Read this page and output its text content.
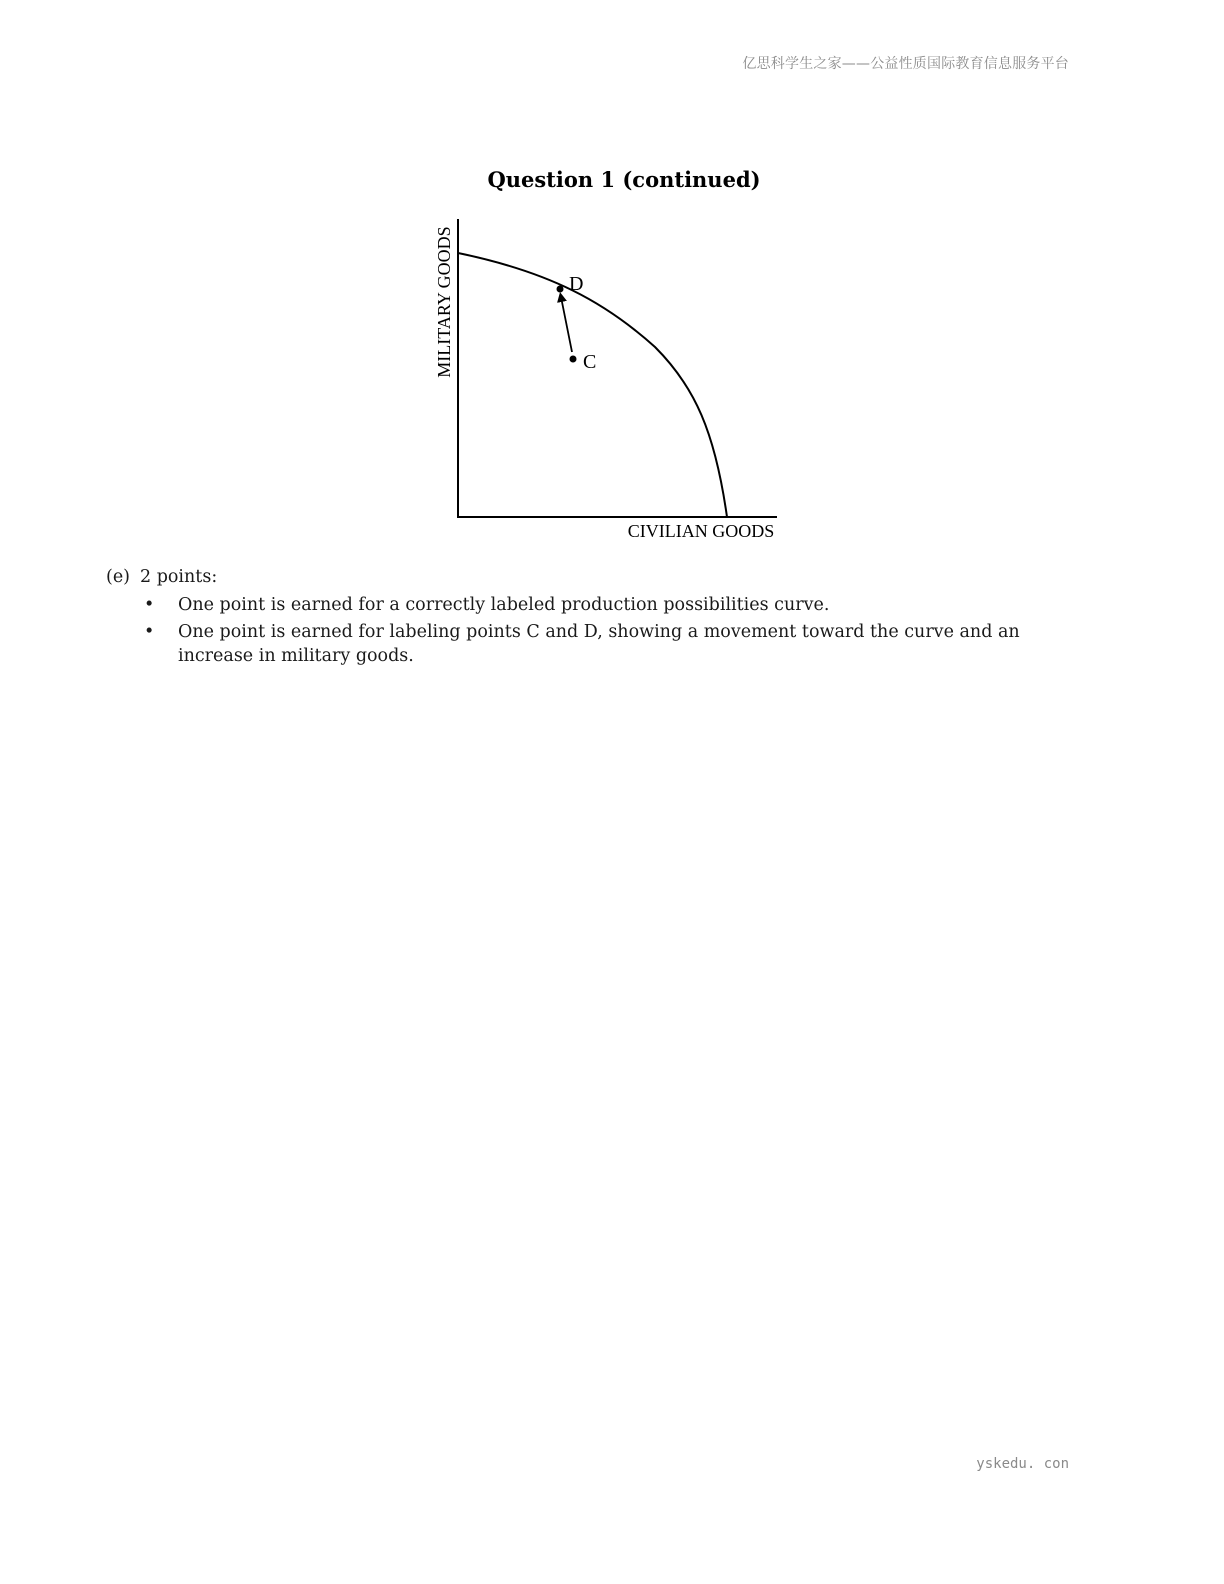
亿思科学生之家——公益性质国际教育信息服务平台
Question 1 (continued)
D
C
MILITARY GOODS
CIVILIAN GOODS
(e) 2 points:
• One point is earned for a correctly labeled production possibilities curve.
• One point is earned for labeling points C and D, showing a movement toward the curve and an increase in military goods.
yskedu. con
